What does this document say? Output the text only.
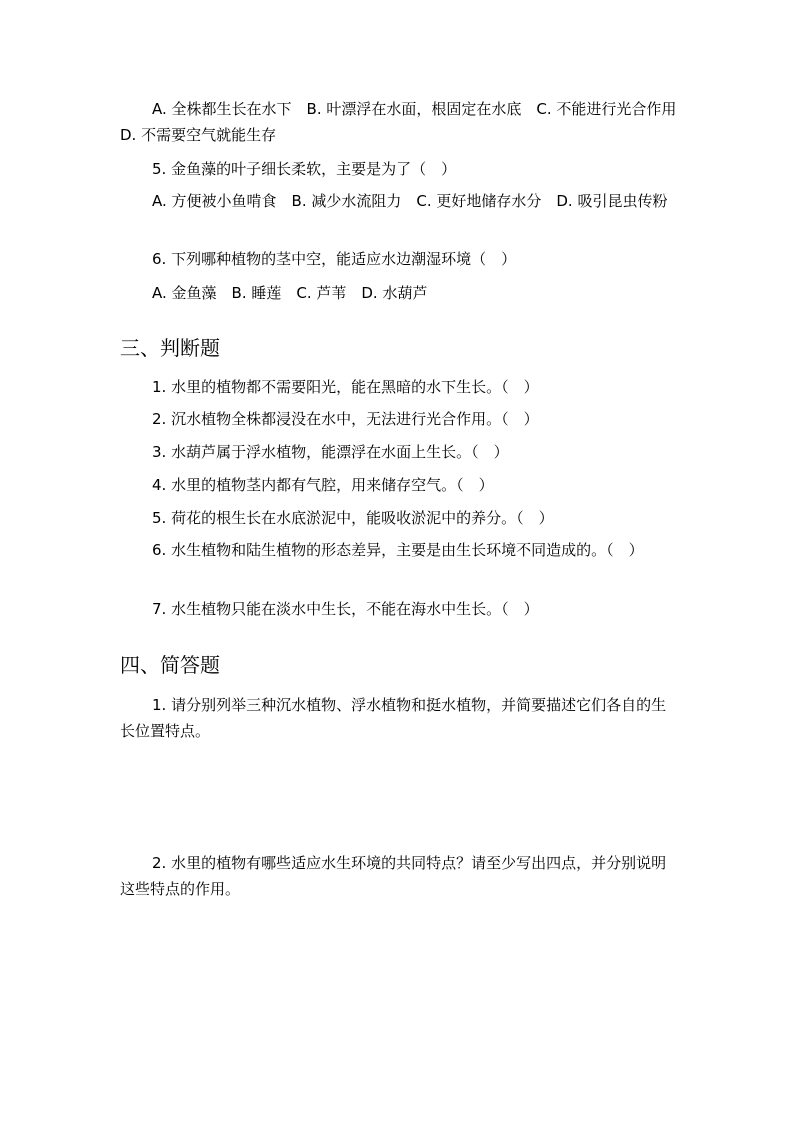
A. 全株都生长在水下　B. 叶漂浮在水面，根固定在水底　C. 不能进行光合作用　D. 不需要空气就能生存
5. 金鱼藻的叶子细长柔软，主要是为了（　）
A. 方便被小鱼啃食　B. 减少水流阻力　C. 更好地储存水分　D. 吸引昆虫传粉
6. 下列哪种植物的茎中空，能适应水边潮湿环境（　）
A. 金鱼藻　B. 睡莲　C. 芦苇　D. 水葫芦
三、判断题
1. 水里的植物都不需要阳光，能在黑暗的水下生长。（　）
2. 沉水植物全株都浸没在水中，无法进行光合作用。（　）
3. 水葫芦属于浮水植物，能漂浮在水面上生长。（　）
4. 水里的植物茎内都有气腔，用来储存空气。（　）
5. 荷花的根生长在水底淤泥中，能吸收淤泥中的养分。（　）
6. 水生植物和陆生植物的形态差异，主要是由生长环境不同造成的。（　）
7. 水生植物只能在淡水中生长，不能在海水中生长。（　）
四、简答题
1. 请分别列举三种沉水植物、浮水植物和挺水植物，并简要描述它们各自的生长位置特点。
2. 水里的植物有哪些适应水生环境的共同特点？请至少写出四点，并分别说明这些特点的作用。
